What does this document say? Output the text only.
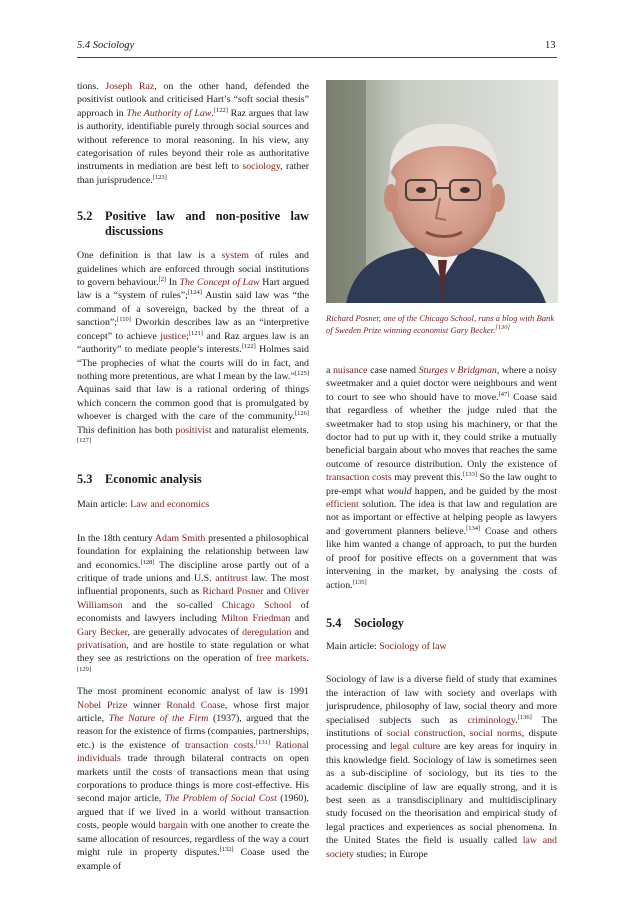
5.4 Sociology	13

tions. Joseph Raz, on the other hand, defended the positivist outlook and criticised Hart’s “soft social thesis” approach in The Authority of Law.[122] Raz argues that law is authority, identifiable purely through social sources and without reference to moral reasoning. In his view, any categorisation of rules beyond their role as authoritative instruments in mediation are best left to sociology, rather than jurisprudence.[123]

5.2	Positive law and non-positive law discussions

One definition is that law is a system of rules and guidelines which are enforced through social institutions to govern behaviour.[2] In The Concept of Law Hart argued law is a “system of rules”;[124] Austin said law was “the command of a sovereign, backed by the threat of a sanction”;[110] Dworkin describes law as an “interpretive concept” to achieve justice;[121] and Raz argues law is an “authority” to mediate people’s interests.[122] Holmes said “The prophecies of what the courts will do in fact, and nothing more pretentious, are what I mean by the law.”[125] Aquinas said that law is a rational ordering of things which concern the common good that is promulgated by whoever is charged with the care of the community.[126] This definition has both positivist and naturalist elements.[127]

5.3	Economic analysis

Main article: Law and economics

In the 18th century Adam Smith presented a philosophical foundation for explaining the relationship between law and economics.[128] The discipline arose partly out of a critique of trade unions and U.S. antitrust law. The most influential proponents, such as Richard Posner and Oliver Williamson and the so-called Chicago School of economists and lawyers including Milton Friedman and Gary Becker, are generally advocates of deregulation and privatisation, and are hostile to state regulation or what they see as restrictions on the operation of free markets.[129]

The most prominent economic analyst of law is 1991 Nobel Prize winner Ronald Coase, whose first major article, The Nature of the Firm (1937), argued that the reason for the existence of firms (companies, partnerships, etc.) is the existence of transaction costs.[131] Rational individuals trade through bilateral contracts on open markets until the costs of transactions mean that using corporations to produce things is more cost-effective. His second major article, The Problem of Social Cost (1960), argued that if we lived in a world without transaction costs, people would bargain with one another to create the same allocation of resources, regardless of the way a court might rule in property disputes.[132] Coase used the example of

Richard Posner, one of the Chicago School, runs a blog with Bank of Sweden Prize winning economist Gary Becker.[130]

a nuisance case named Sturges v Bridgman, where a noisy sweetmaker and a quiet doctor were neighbours and went to court to see who should have to move.[47] Coase said that regardless of whether the judge ruled that the sweetmaker had to stop using his machinery, or that the doctor had to put up with it, they could strike a mutually beneficial bargain about who moves that reaches the same outcome of resource distribution. Only the existence of transaction costs may prevent this.[133] So the law ought to pre-empt what would happen, and be guided by the most efficient solution. The idea is that law and regulation are not as important or effective at helping people as lawyers and government planners believe.[134] Coase and others like him wanted a change of approach, to put the burden of proof for positive effects on a government that was intervening in the market, by analysing the costs of action.[135]

5.4	Sociology

Main article: Sociology of law

Sociology of law is a diverse field of study that examines the interaction of law with society and overlaps with jurisprudence, philosophy of law, social theory and more specialised subjects such as criminology.[136] The institutions of social construction, social norms, dispute processing and legal culture are key areas for inquiry in this knowledge field. Sociology of law is sometimes seen as a sub-discipline of sociology, but its ties to the academic discipline of law are equally strong, and it is best seen as a transdisciplinary and multidisciplinary study focused on the theorisation and empirical study of legal practices and experiences as social phenomena. In the United States the field is usually called law and society studies; in Europe
